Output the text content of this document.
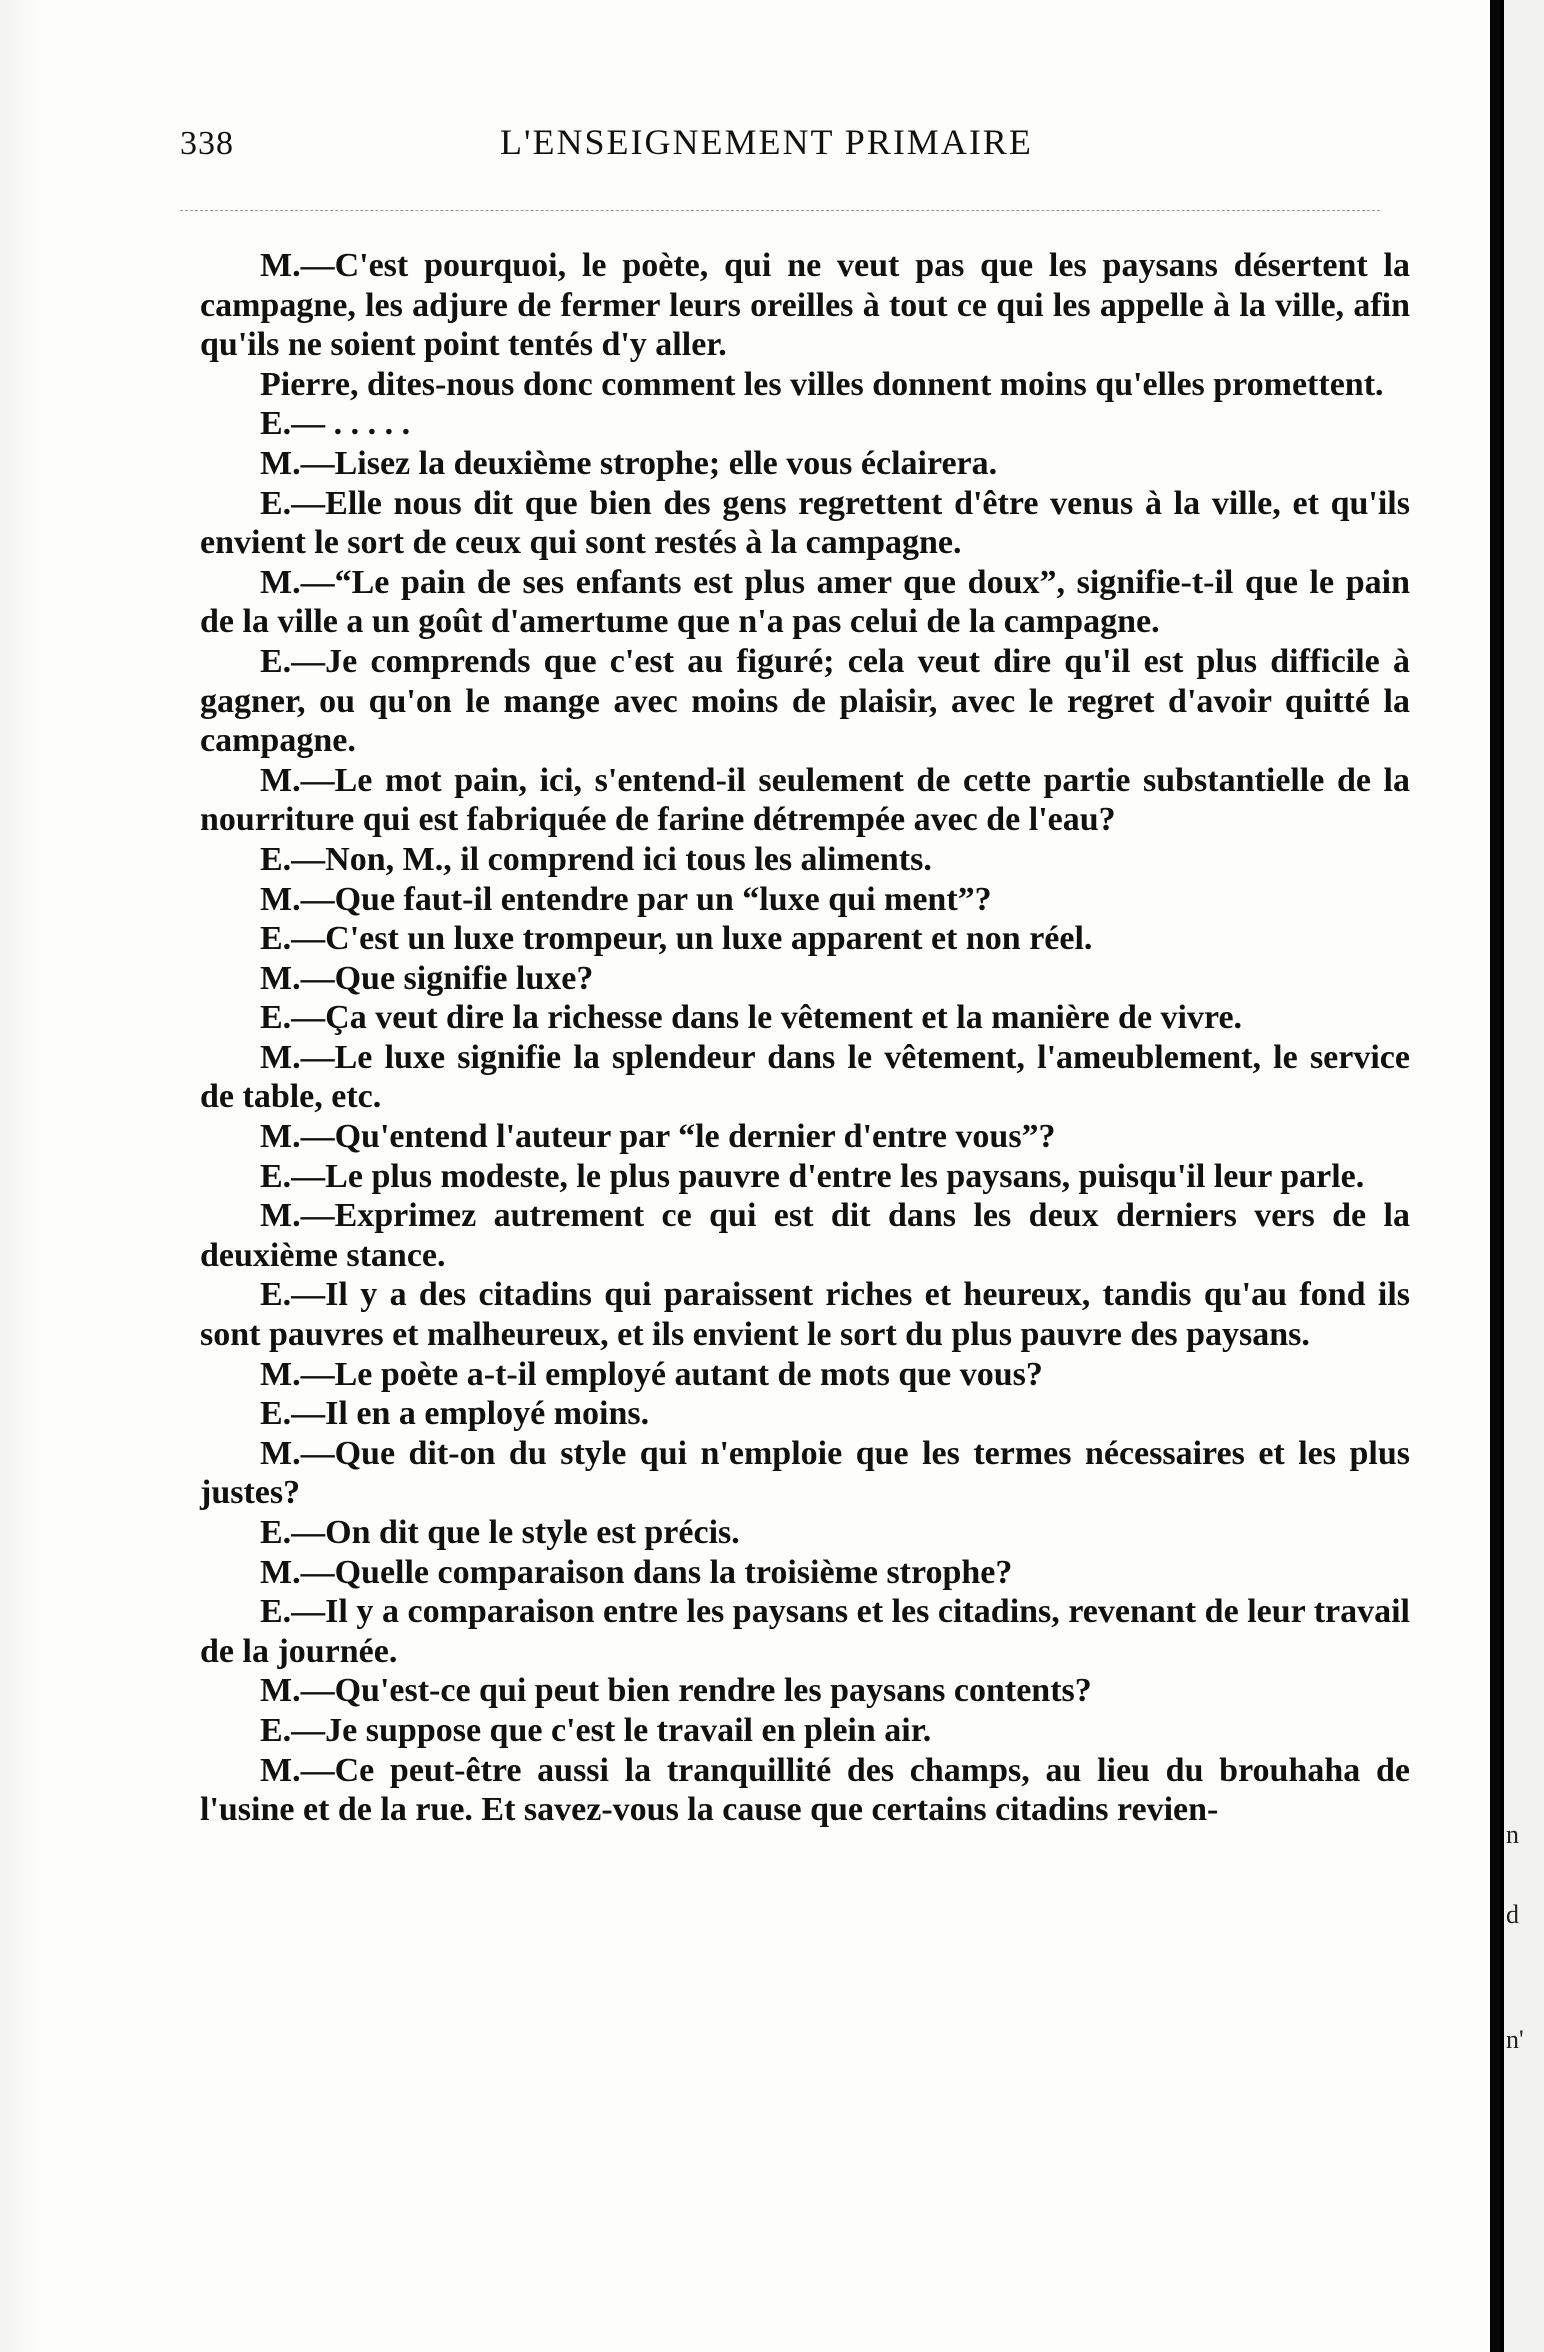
338	L'ENSEIGNEMENT PRIMAIRE

M.—C'est pourquoi, le poète, qui ne veut pas que les paysans désertent la campagne, les adjure de fermer leurs oreilles à tout ce qui les appelle à la ville, afin qu'ils ne soient point tentés d'y aller.

Pierre, dites-nous donc comment les villes donnent moins qu'elles promettent.

E.— . . . . .

M.—Lisez la deuxième strophe; elle vous éclairera.

E.—Elle nous dit que bien des gens regrettent d'être venus à la ville, et qu'ils envient le sort de ceux qui sont restés à la campagne.

M.—“Le pain de ses enfants est plus amer que doux”, signifie-t-il que le pain de la ville a un goût d'amertume que n'a pas celui de la campagne.

E.—Je comprends que c'est au figuré; cela veut dire qu'il est plus difficile à gagner, ou qu'on le mange avec moins de plaisir, avec le regret d'avoir quitté la campagne.

M.—Le mot pain, ici, s'entend-il seulement de cette partie substantielle de la nourriture qui est fabriquée de farine détrempée avec de l'eau?

E.—Non, M., il comprend ici tous les aliments.

M.—Que faut-il entendre par un “luxe qui ment”?

E.—C'est un luxe trompeur, un luxe apparent et non réel.

M.—Que signifie luxe?

E.—Ça veut dire la richesse dans le vêtement et la manière de vivre.

M.—Le luxe signifie la splendeur dans le vêtement, l'ameublement, le service de table, etc.

M.—Qu'entend l'auteur par “le dernier d'entre vous”?

E.—Le plus modeste, le plus pauvre d'entre les paysans, puisqu'il leur parle.

M.—Exprimez autrement ce qui est dit dans les deux derniers vers de la deuxième stance.

E.—Il y a des citadins qui paraissent riches et heureux, tandis qu'au fond ils sont pauvres et malheureux, et ils envient le sort du plus pauvre des paysans.

M.—Le poète a-t-il employé autant de mots que vous?

E.—Il en a employé moins.

M.—Que dit-on du style qui n'emploie que les termes nécessaires et les plus justes?

E.—On dit que le style est précis.

M.—Quelle comparaison dans la troisième strophe?

E.—Il y a comparaison entre les paysans et les citadins, revenant de leur travail de la journée.

M.—Qu'est-ce qui peut bien rendre les paysans contents?

E.—Je suppose que c'est le travail en plein air.

M.—Ce peut-être aussi la tranquillité des champs, au lieu du brouhaha de l'usine et de la rue. Et savez-vous la cause que certains citadins revien-

n
d
n'
